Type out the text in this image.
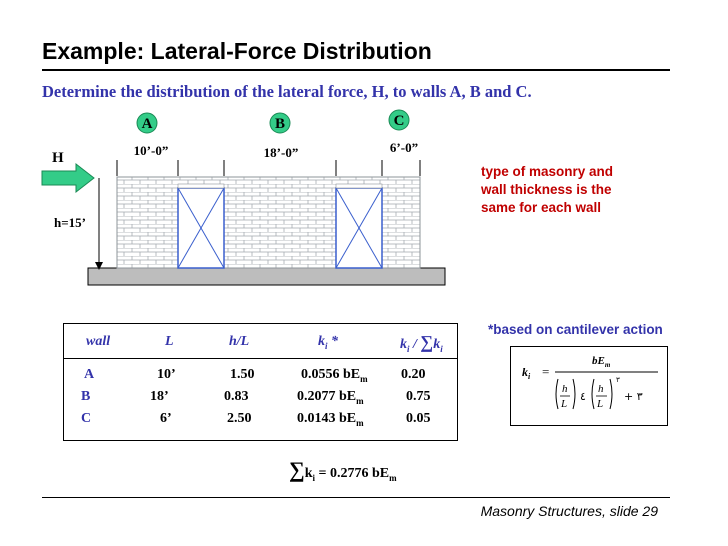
Example: Lateral-Force Distribution
Determine the distribution of the lateral force, H, to walls A, B and C.
A	B	C
10’-0”	18’-0”	6’-0”
H
h=15’
type of masonry and
wall thickness is the
same for each wall
*based on cantilever action
$k_i$ =
$bE_m$
h
L
٤
h
L
٣
+ ٣
wall	L	h/L	$k_i$ *	$k_i / \sum k_i$
A	10’	1.50	0.0556 $bE_m$ 0.20
B	18’	0.83	0.2077 $bE_m$	0.75
C	6’	2.50	0.0143 $bE_m$	0.05
$\sum k_i = 0.2776$ $bE_m$
Masonry Structures, slide 29
